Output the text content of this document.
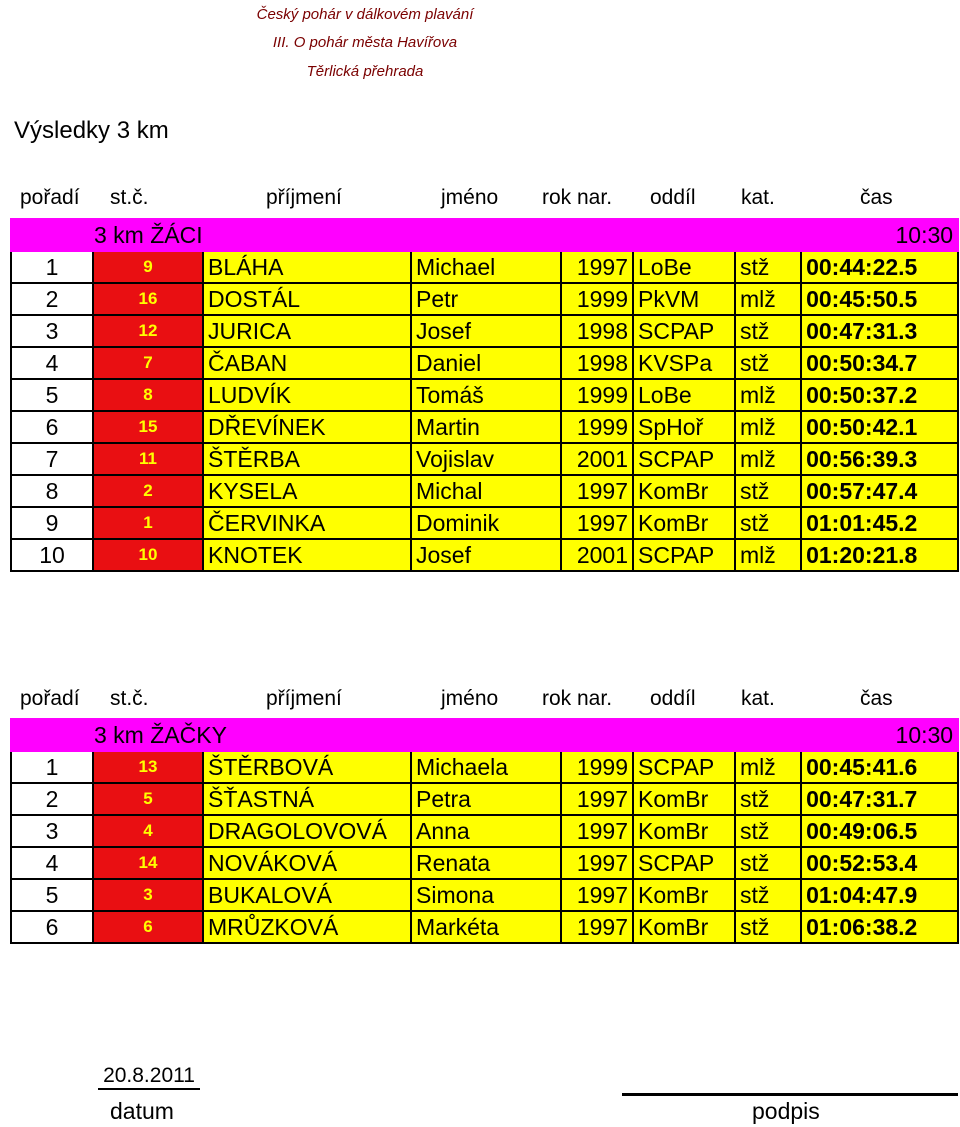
Český pohár v dálkovém plavání
III. O pohár města Havířova
Těrlická přehrada
Výsledky 3 km
pořadí st.č.	příjmení	jméno rok nar. oddíl kat.	čas
3 km ŽÁCI							10:30
1	9	BLÁHA	Michael	1997	LoBe	stž	00:44:22.5
2	16	DOSTÁL	Petr	1999	PkVM	mlž	00:45:50.5
3	12	JURICA	Josef	1998	SCPAP	stž	00:47:31.3
4	7	ČABAN	Daniel	1998	KVSPa	stž	00:50:34.7
5	8	LUDVÍK	Tomáš	1999	LoBe	mlž	00:50:37.2
6	15	DŘEVÍNEK	Martin	1999	SpHoř	mlž	00:50:42.1
7	11	ŠTĚRBA	Vojislav	2001	SCPAP	mlž	00:56:39.3
8	2	KYSELA	Michal	1997	KomBr	stž	00:57:47.4
9	1	ČERVINKA	Dominik	1997	KomBr	stž	01:01:45.2
10	10	KNOTEK	Josef	2001	SCPAP	mlž	01:20:21.8
pořadí st.č.	příjmení	jméno rok nar. oddíl kat.	čas
3 km ŽAČKY							10:30
1	13	ŠTĚRBOVÁ	Michaela	1999	SCPAP	mlž	00:45:41.6
2	5	ŠŤASTNÁ	Petra	1997	KomBr	stž	00:47:31.7
3	4	DRAGOLOVOVÁ	Anna	1997	KomBr	stž	00:49:06.5
4	14	NOVÁKOVÁ	Renata	1997	SCPAP	stž	00:52:53.4
5	3	BUKALOVÁ	Simona	1997	KomBr	stž	01:04:47.9
6	6	MRŮZKOVÁ	Markéta	1997	KomBr	stž	01:06:38.2
20.8.2011
datum	podpis
